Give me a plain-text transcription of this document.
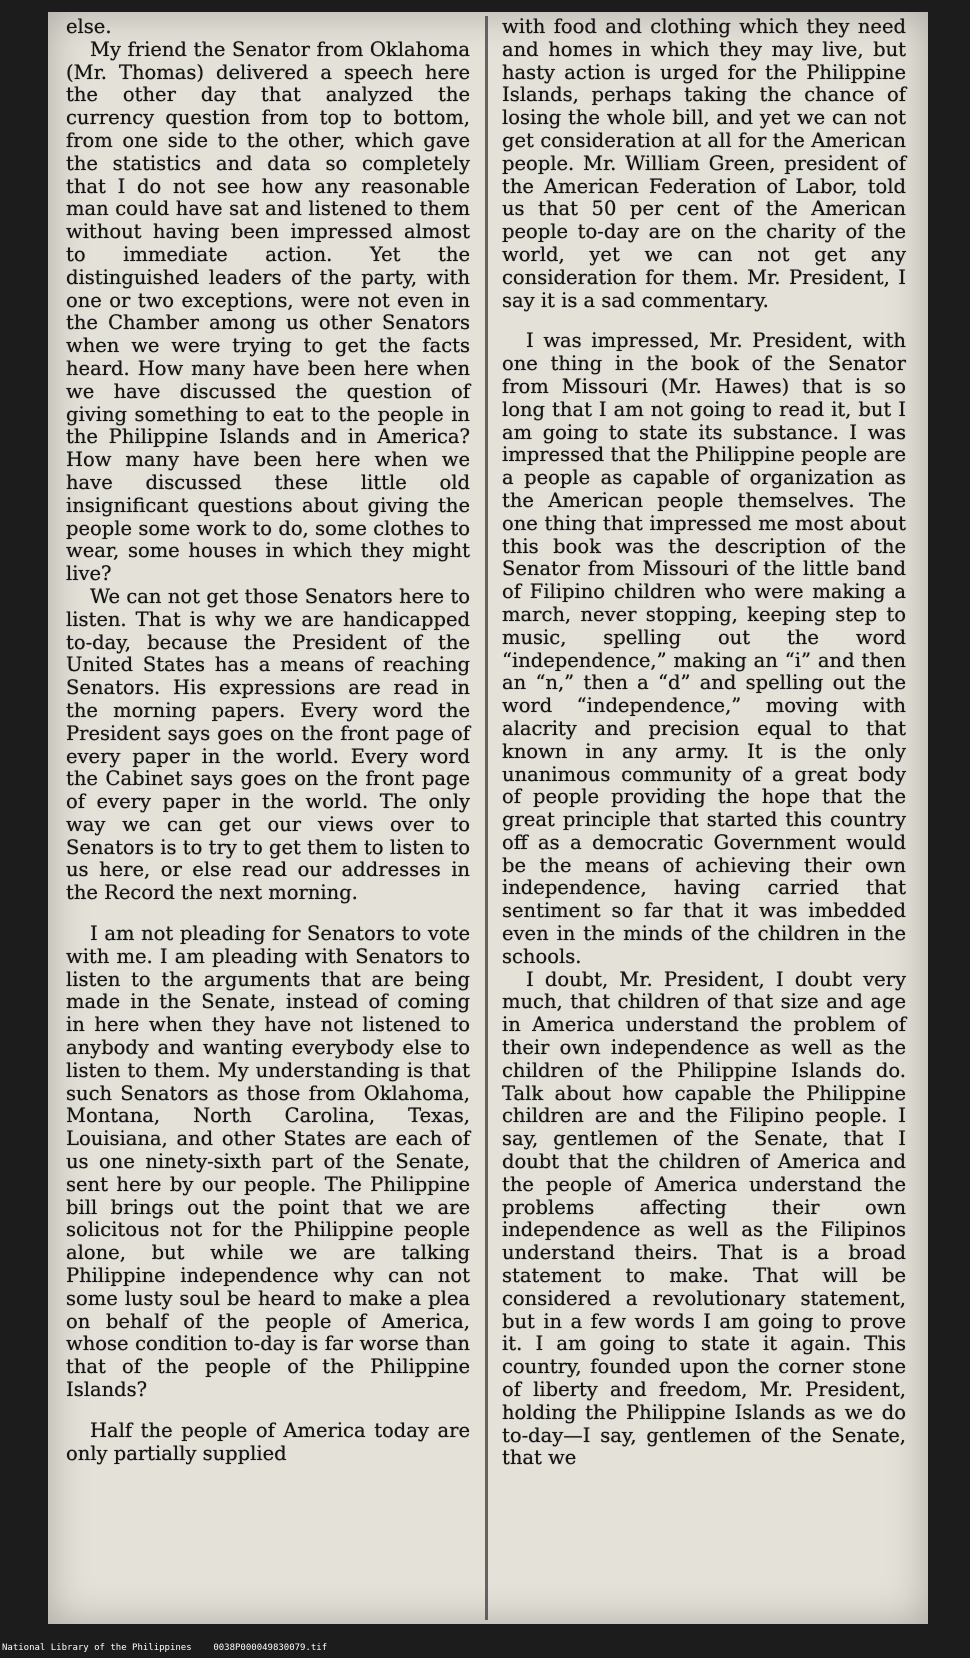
else.

My friend the Senator from Oklahoma (Mr. Thomas) delivered a speech here the other day that analyzed the currency question from top to bottom, from one side to the other, which gave the statistics and data so completely that I do not see how any reasonable man could have sat and listened to them without having been impressed almost to immediate action. Yet the distinguished leaders of the party, with one or two exceptions, were not even in the Chamber among us other Senators when we were trying to get the facts heard. How many have been here when we have discussed the question of giving something to eat to the people in the Philippine Islands and in America? How many have been here when we have discussed these little old insignificant questions about giving the people some work to do, some clothes to wear, some houses in which they might live?

We can not get those Senators here to listen. That is why we are handicapped to-day, because the President of the United States has a means of reaching Senators. His expressions are read in the morning papers. Every word the President says goes on the front page of every paper in the world. Every word the Cabinet says goes on the front page of every paper in the world. The only way we can get our views over to Senators is to try to get them to listen to us here, or else read our addresses in the Record the next morning.

I am not pleading for Senators to vote with me. I am pleading with Senators to listen to the arguments that are being made in the Senate, instead of coming in here when they have not listened to anybody and wanting everybody else to listen to them. My understanding is that such Senators as those from Oklahoma, Montana, North Carolina, Texas, Louisiana, and other States are each of us one ninety-sixth part of the Senate, sent here by our people. The Philippine bill brings out the point that we are solicitous not for the Philippine people alone, but while we are talking Philippine independence why can not some lusty soul be heard to make a plea on behalf of the people of America, whose condition to-day is far worse than that of the people of the Philippine Islands?

Half the people of America today are only partially supplied

with food and clothing which they need and homes in which they may live, but hasty action is urged for the Philippine Islands, perhaps taking the chance of losing the whole bill, and yet we can not get consideration at all for the American people. Mr. William Green, president of the American Federation of Labor, told us that 50 per cent of the American people to-day are on the charity of the world, yet we can not get any consideration for them. Mr. President, I say it is a sad commentary.

I was impressed, Mr. President, with one thing in the book of the Senator from Missouri (Mr. Hawes) that is so long that I am not going to read it, but I am going to state its substance. I was impressed that the Philippine people are a people as capable of organization as the American people themselves. The one thing that impressed me most about this book was the description of the Senator from Missouri of the little band of Filipino children who were making a march, never stopping, keeping step to music, spelling out the word “independence,” making an “i” and then an “n,” then a “d” and spelling out the word “independence,” moving with alacrity and precision equal to that known in any army. It is the only unanimous community of a great body of people providing the hope that the great principle that started this country off as a democratic Government would be the means of achieving their own independence, having carried that sentiment so far that it was imbedded even in the minds of the children in the schools.

I doubt, Mr. President, I doubt very much, that children of that size and age in America understand the problem of their own independence as well as the children of the Philippine Islands do. Talk about how capable the Philippine children are and the Filipino people. I say, gentlemen of the Senate, that I doubt that the children of America and the people of America understand the problems affecting their own independence as well as the Filipinos understand theirs. That is a broad statement to make. That will be considered a revolutionary statement, but in a few words I am going to prove it. I am going to state it again. This country, founded upon the corner stone of liberty and freedom, Mr. President, holding the Philippine Islands as we do to-day—I say, gentlemen of the Senate, that we

National Library of the Philippines 0038P000049830079.tif
